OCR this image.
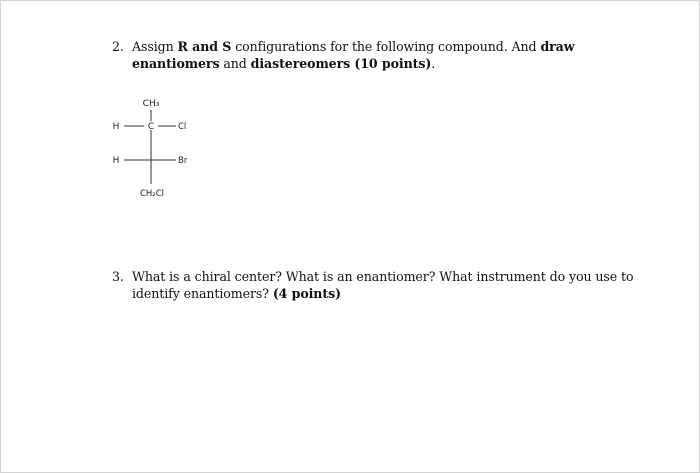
2. Assign R and S configurations for the following compound. And draw
enantiomers and diastereomers (10 points).
CH₃
H	C	Cl
H	Br
CH₂Cl
3. What is a chiral center? What is an enantiomer? What instrument do you use to
identify enantiomers? (4 points)
